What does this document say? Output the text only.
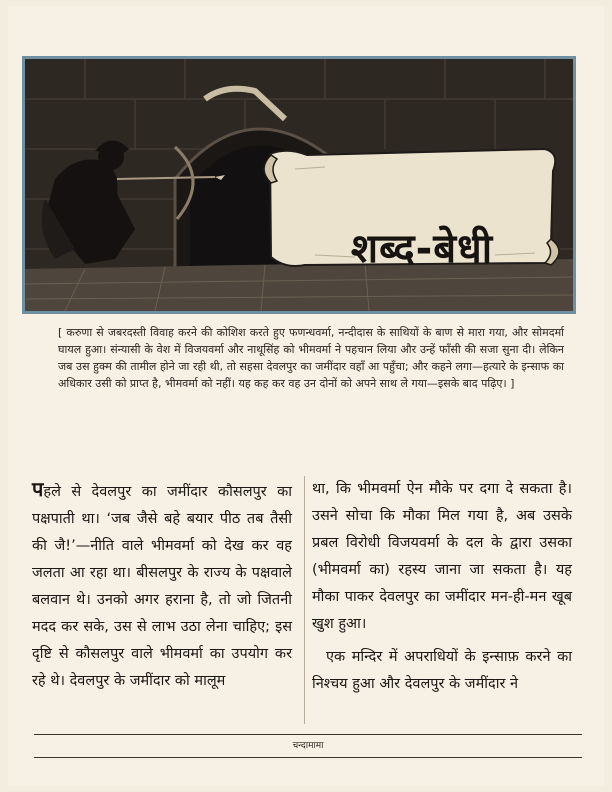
शब्द-बेधी
[ करुणा से जबरदस्ती विवाह करने की कोशिश करते हुए फणन्धवर्मा, नन्दीदास के साथियों के बाण से मारा गया, और सोमदर्मा घायल हुआ। संन्यासी के वेश में विजयवर्मा और नाथूसिंह को भीमवर्मा ने पहचान लिया और उन्हें फाँसी की सजा सुना दी। लेकिन जब उस हुक्म की तामील होने जा रही थी, तो सहसा देवलपुर का जमींदार वहाँ आ पहुँचा; और कहने लगा—हत्यारे के इन्साफ का अधिकार उसी को प्राप्त है, भीमवर्मा को नहीं। यह कह कर वह उन दोनों को अपने साथ ले गया—इसके बाद पढ़िए। ]

पहले से देवलपुर का जमींदार कौसलपुर का पक्षपाती था। ‘जब जैसे बहे बयार पीठ तब तैसी की जै!’—नीति वाले भीमवर्मा को देख कर वह जलता आ रहा था। बीसलपुर के राज्य के पक्षवाले बलवान थे। उनको अगर हराना है, तो जो जितनी मदद कर सके, उस से लाभ उठा लेना चाहिए; इस दृष्टि से कौसलपुर वाले भीमवर्मा का उपयोग कर रहे थे। देवलपुर के जमींदार को मालूम

था, कि भीमवर्मा ऐन मौके पर दगा दे सकता है। उसने सोचा कि मौका मिल गया है, अब उसके प्रबल विरोधी विजयवर्मा के दल के द्वारा उसका (भीमवर्मा का) रहस्य जाना जा सकता है। यह मौका पाकर देवलपुर का जमींदार मन-ही-मन खूब खुश हुआ।

एक मन्दिर में अपराधियों के इन्साफ़ करने का निश्चय हुआ और देवलपुर के जमींदार ने

चन्दामामा
